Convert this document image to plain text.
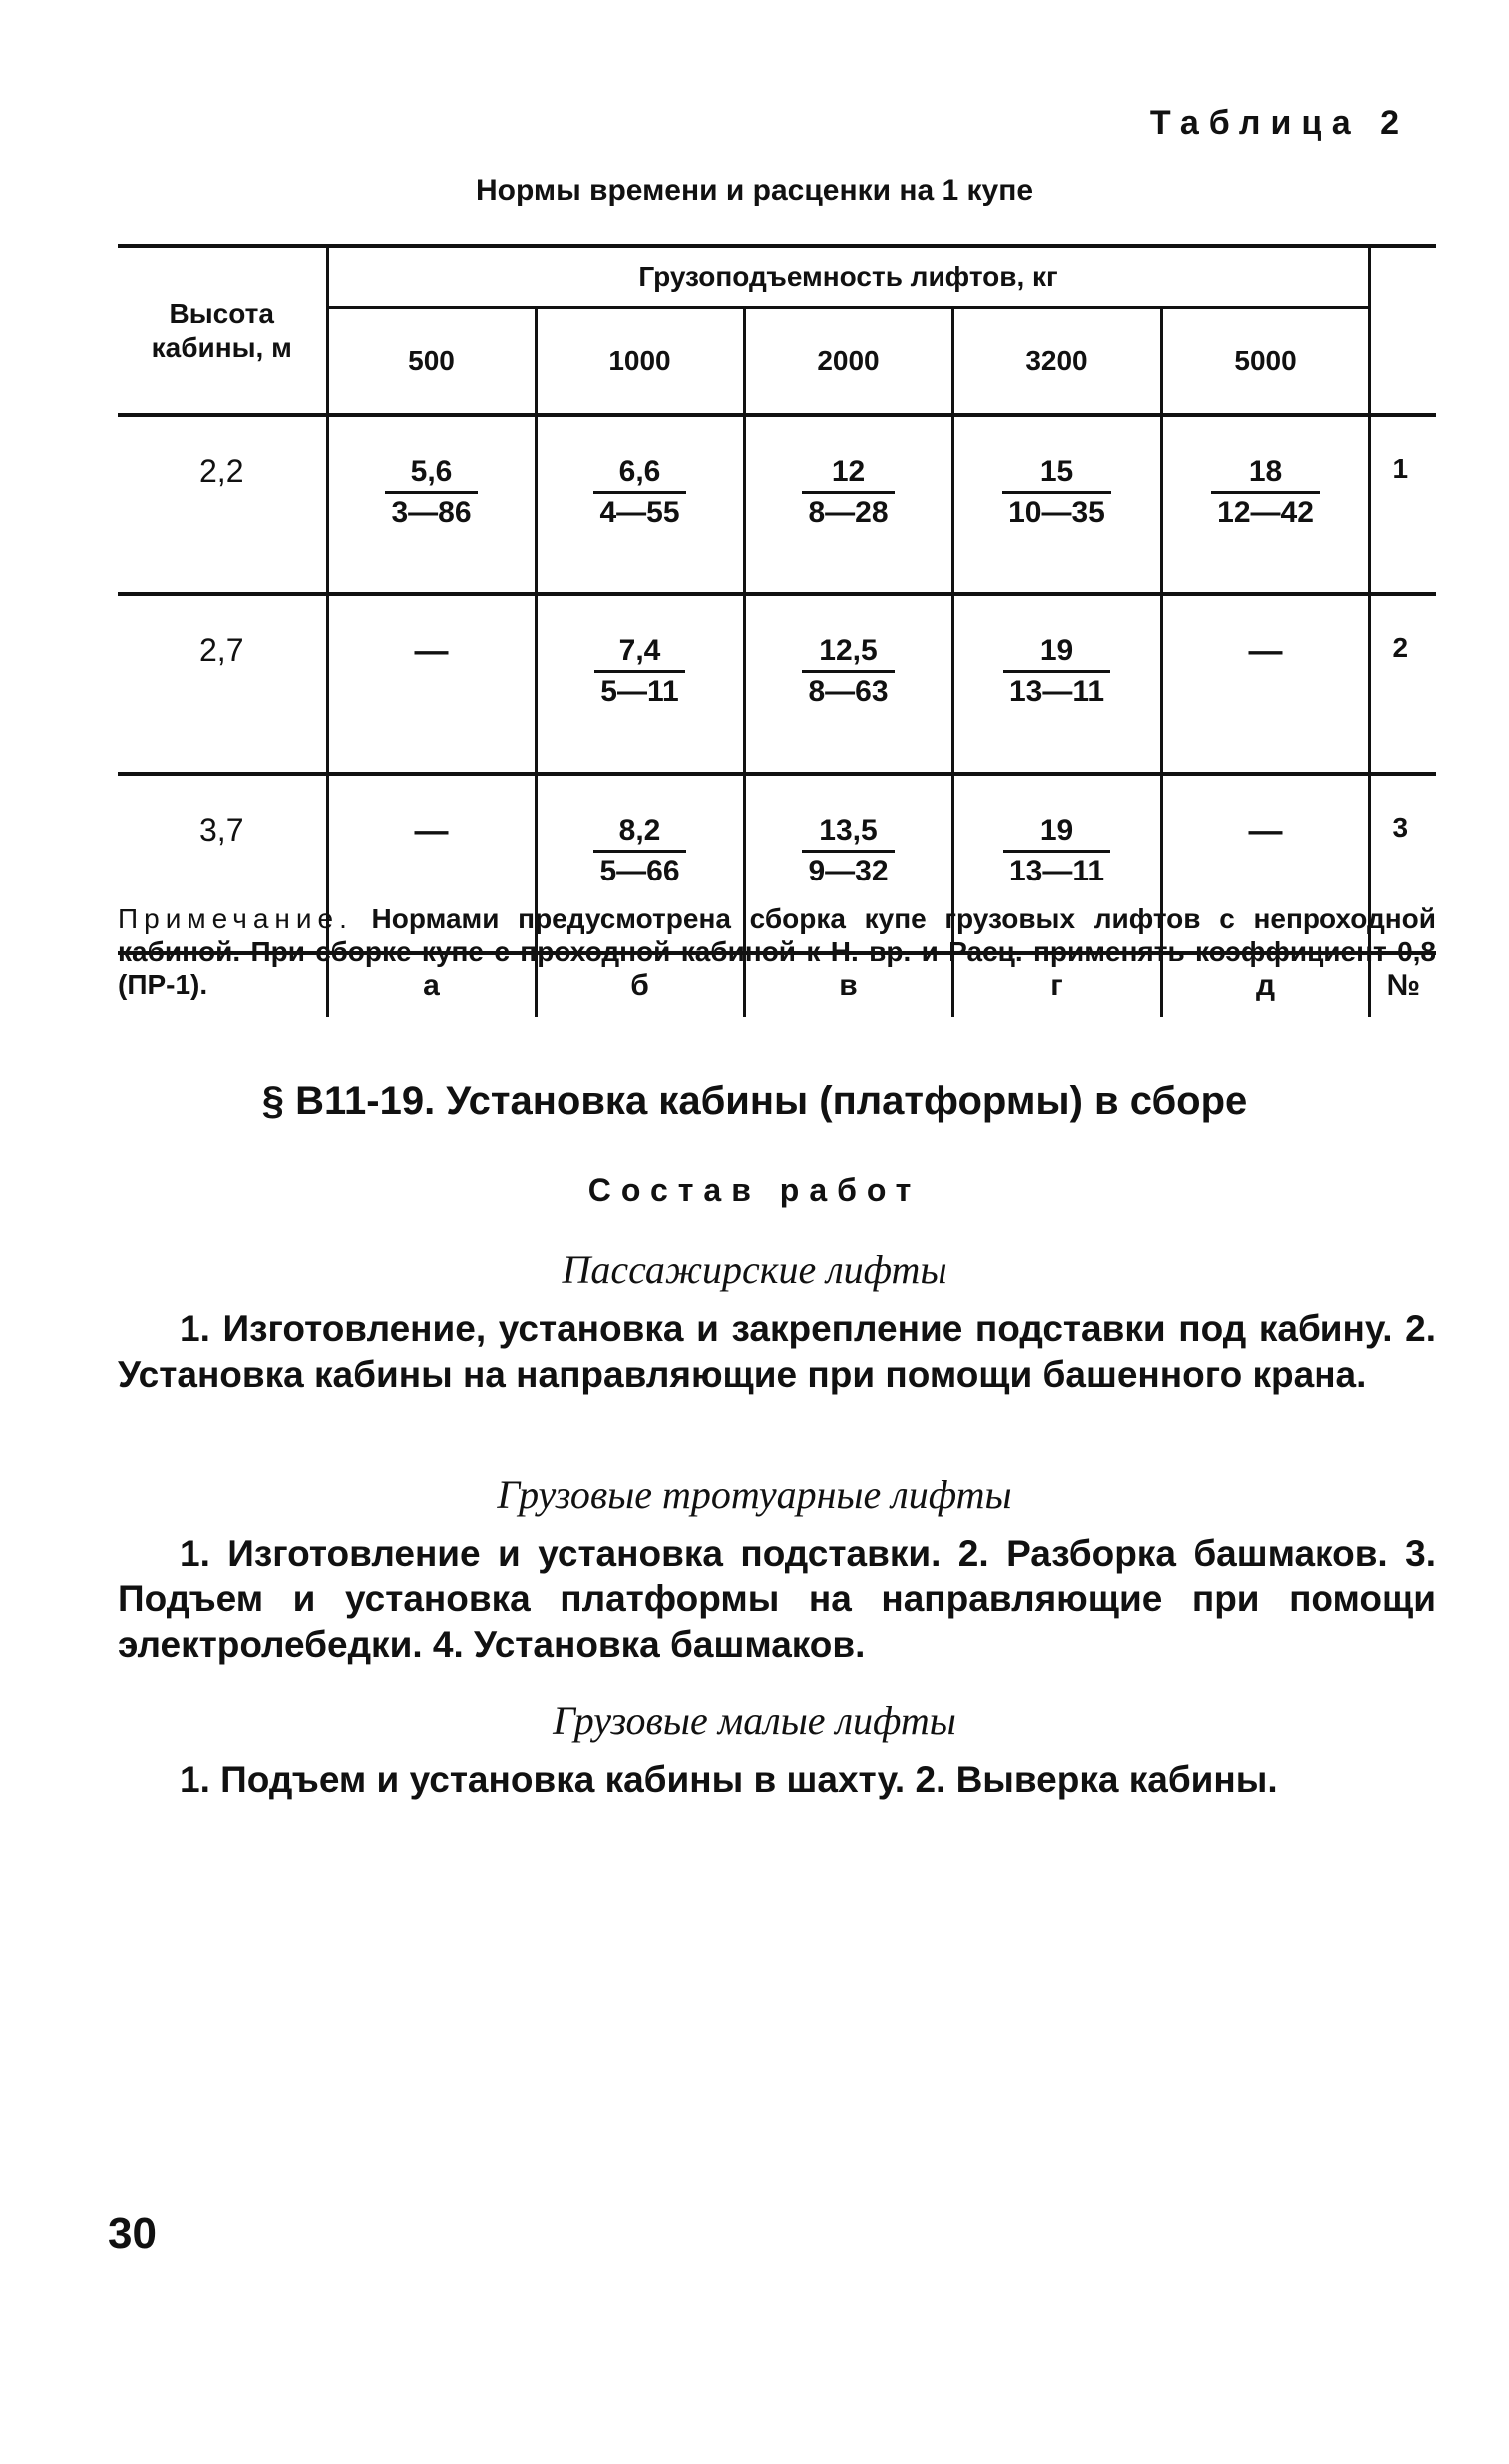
Таблица 2
Нормы времени и расценки на 1 купе
Высота кабины, м	Грузоподъемность лифтов, кг					
	500	1000	2000	3200	5000	
2,2	$\frac{5,6}{3—86}$	$\frac{6,6}{4—55}$	$\frac{12}{8—28}$	$\frac{15}{10—35}$	$\frac{18}{12—42}$	1
2,7	—	$\frac{7,4}{5—11}$	$\frac{12,5}{8—63}$	$\frac{19}{13—11}$	—	2
3,7	—	$\frac{8,2}{5—66}$	$\frac{13,5}{9—32}$	$\frac{19}{13—11}$	—	3
	а	б	в	г	д	№
Примечание. Нормами предусмотрена сборка купе грузовых лифтов с непроходной кабиной. При сборке купе с проходной кабиной к Н. вр. и Расц. применять коэффициент 0,8 (ПР-1).
§ В11-19. Установка кабины (платформы) в сборе
Состав работ
Пассажирские лифты
1. Изготовление, установка и закрепление подставки под кабину. 2. Установка кабины на направляющие при помощи башенного крана.
Грузовые тротуарные лифты
1. Изготовление и установка подставки. 2. Разборка башмаков. 3. Подъем и установка платформы на направляющие при помощи электролебедки. 4. Установка башмаков.
Грузовые малые лифты
1. Подъем и установка кабины в шахту. 2. Выверка кабины.
30
